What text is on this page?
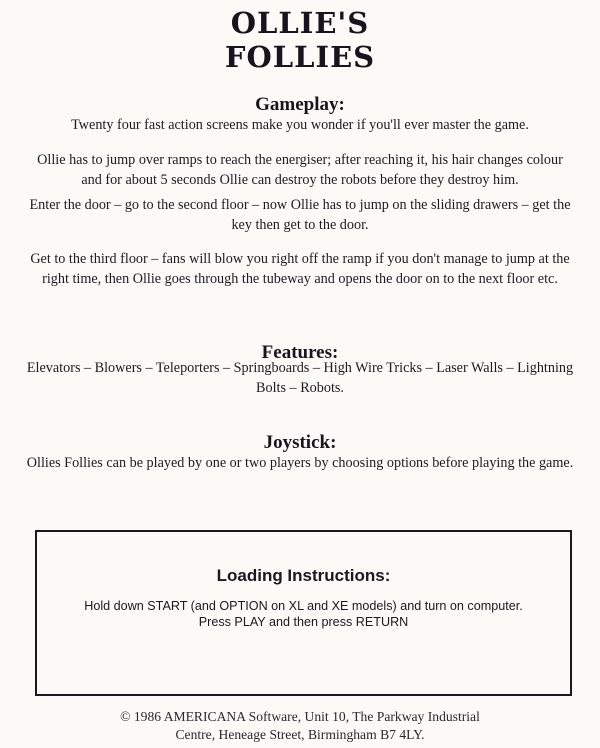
OLLIE'S
FOLLIES
Gameplay:
Twenty four fast action screens make you wonder if you'll ever master the game.
Ollie has to jump over ramps to reach the energiser; after reaching it, his hair changes colour and for about 5 seconds Ollie can destroy the robots before they destroy him.
Enter the door – go to the second floor – now Ollie has to jump on the sliding drawers – get the key then get to the door.
Get to the third floor – fans will blow you right off the ramp if you don't manage to jump at the right time, then Ollie goes through the tubeway and opens the door on to the next floor etc.
Features:
Elevators – Blowers – Teleporters – Springboards – High Wire Tricks – Laser Walls – Lightning Bolts – Robots.
Joystick:
Ollies Follies can be played by one or two players by choosing options before playing the game.
Loading Instructions:
Hold down START (and OPTION on XL and XE models) and turn on computer.
Press PLAY and then press RETURN
© 1986 AMERICANA Software, Unit 10, The Parkway Industrial
Centre, Heneage Street, Birmingham B7 4LY.
